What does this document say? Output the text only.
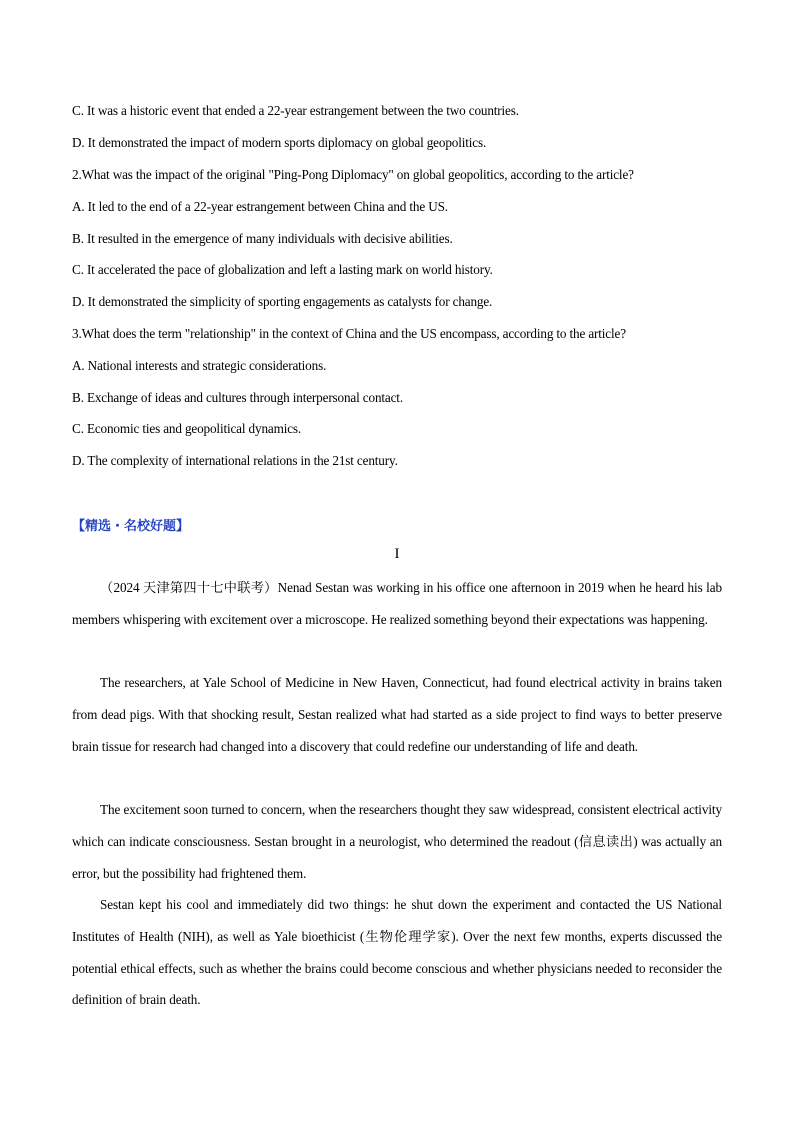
C. It was a historic event that ended a 22-year estrangement between the two countries.
D. It demonstrated the impact of modern sports diplomacy on global geopolitics.
2.What was the impact of the original "Ping-Pong Diplomacy" on global geopolitics, according to the article?
A. It led to the end of a 22-year estrangement between China and the US.
B. It resulted in the emergence of many individuals with decisive abilities.
C. It accelerated the pace of globalization and left a lasting mark on world history.
D. It demonstrated the simplicity of sporting engagements as catalysts for change.
3.What does the term "relationship" in the context of China and the US encompass, according to the article?
A. National interests and strategic considerations.
B. Exchange of ideas and cultures through interpersonal contact.
C. Economic ties and geopolitical dynamics.
D. The complexity of international relations in the 21st century.
【精选・名校好题】
I
（2024 天津第四十七中联考）Nenad Sestan was working in his office one afternoon in 2019 when he heard his lab members whispering with excitement over a microscope. He realized something beyond their expectations was happening.
The researchers, at Yale School of Medicine in New Haven, Connecticut, had found electrical activity in brains taken from dead pigs. With that shocking result, Sestan realized what had started as a side project to find ways to better preserve brain tissue for research had changed into a discovery that could redefine our understanding of life and death.
The excitement soon turned to concern, when the researchers thought they saw widespread, consistent electrical activity which can indicate consciousness. Sestan brought in a neurologist, who determined the readout (信息读出) was actually an error, but the possibility had frightened them.
Sestan kept his cool and immediately did two things: he shut down the experiment and contacted the US National Institutes of Health (NIH), as well as Yale bioethicist (生物伦理学家). Over the next few months, experts discussed the potential ethical effects, such as whether the brains could become conscious and whether physicians needed to reconsider the definition of brain death.
